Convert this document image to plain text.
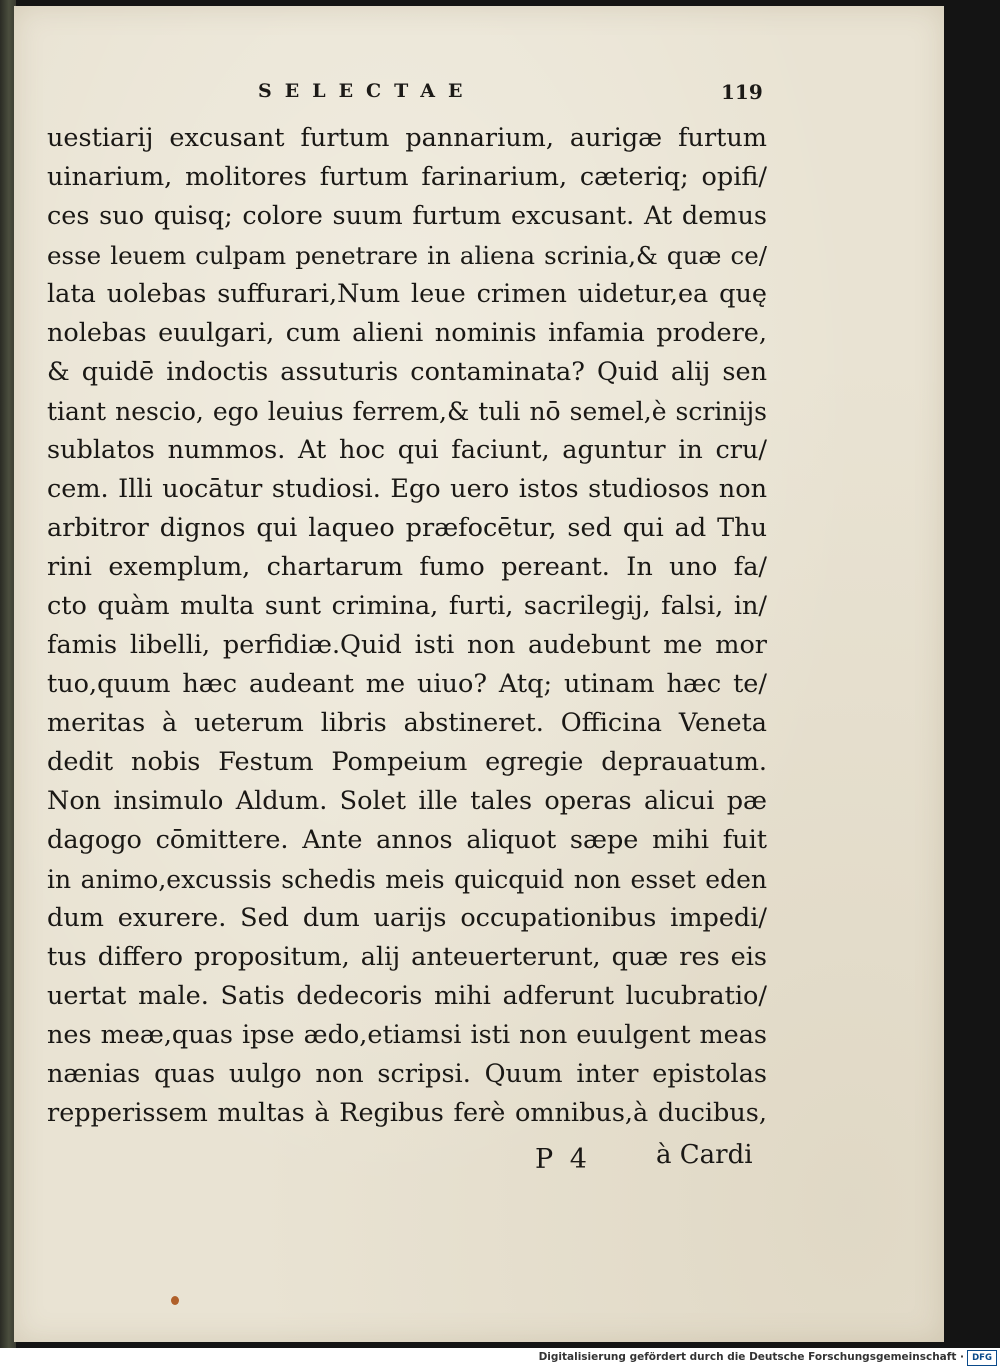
SELECTAE	119
uestiarij excusant furtum pannarium, aurigæ furtum
uinarium, molitores furtum farinarium, cæteriq; opifi/
ces suo quisq; colore suum furtum excusant. At demus
esse leuem culpam penetrare in aliena scrinia,& quæ ce/
lata uolebas suffurari,Num leue crimen uidetur,ea quę
nolebas euulgari, cum alieni nominis infamia prodere,
& quidē indoctis assuturis contaminata? Quid alij sen
tiant nescio, ego leuius ferrem,& tuli nō semel,è scrinijs
sublatos nummos. At hoc qui faciunt, aguntur in cru/
cem. Illi uocātur studiosi. Ego uero istos studiosos non
arbitror dignos qui laqueo præfocētur, sed qui ad Thu
rini exemplum, chartarum fumo pereant. In uno fa/
cto quàm multa sunt crimina, furti, sacrilegij, falsi, in/
famis libelli, perfidiæ.Quid isti non audebunt me mor
tuo,quum hæc audeant me uiuo? Atq; utinam hæc te/
meritas à ueterum libris abstineret. Officina Veneta
dedit nobis Festum Pompeium egregie deprauatum.
Non insimulo Aldum. Solet ille tales operas alicui pæ
dagogo cōmittere. Ante annos aliquot sæpe mihi fuit
in animo,excussis schedis meis quicquid non esset eden
dum exurere. Sed dum uarijs occupationibus impedi/
tus differo propositum, alij anteuerterunt, quæ res eis
uertat male. Satis dedecoris mihi adferunt lucubratio/
nes meæ,quas ipse ædo,etiamsi isti non euulgent meas
nænias quas uulgo non scripsi. Quum inter epistolas
repperissem multas à Regibus ferè omnibus,à ducibus,
P 4	à Cardi
Digitalisierung gefördert durch die Deutsche Forschungsgemeinschaft · DFG
